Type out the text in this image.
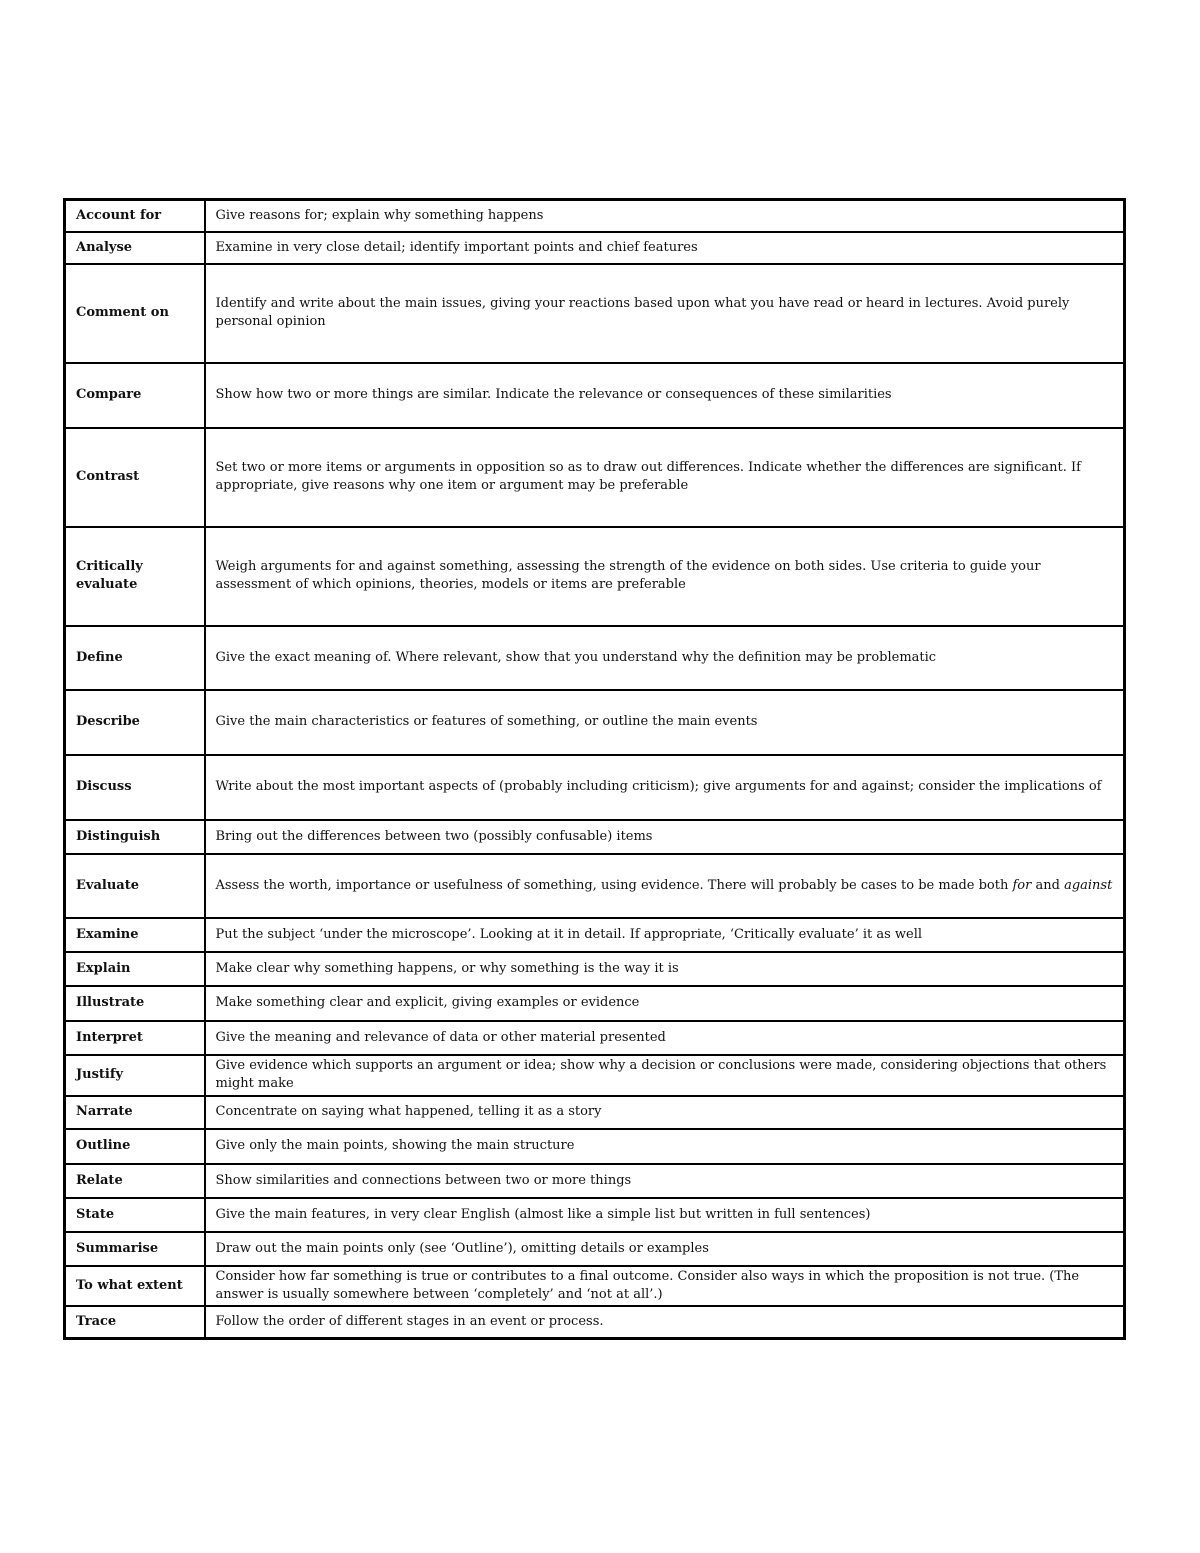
Account for	Give reasons for; explain why something happens
Analyse	Examine in very close detail; identify important points and chief features
Comment on	Identify and write about the main issues, giving your reactions based upon what you have read or heard in lectures. Avoid purely personal opinion
Compare	Show how two or more things are similar. Indicate the relevance or consequences of these similarities
Contrast	Set two or more items or arguments in opposition so as to draw out differences. Indicate whether the differences are significant. If appropriate, give reasons why one item or argument may be preferable
Critically evaluate	Weigh arguments for and against something, assessing the strength of the evidence on both sides. Use criteria to guide your assessment of which opinions, theories, models or items are preferable
Define	Give the exact meaning of. Where relevant, show that you understand why the definition may be problematic
Describe	Give the main characteristics or features of something, or outline the main events
Discuss	Write about the most important aspects of (probably including criticism); give arguments for and against; consider the implications of
Distinguish	Bring out the differences between two (possibly confusable) items
Evaluate	Assess the worth, importance or usefulness of something, using evidence. There will probably be cases to be made both for and against
Examine	Put the subject ‘under the microscope’. Looking at it in detail. If appropriate, ‘Critically evaluate’ it as well
Explain	Make clear why something happens, or why something is the way it is
Illustrate	Make something clear and explicit, giving examples or evidence
Interpret	Give the meaning and relevance of data or other material presented
Justify	Give evidence which supports an argument or idea; show why a decision or conclusions were made, considering objections that others might make
Narrate	Concentrate on saying what happened, telling it as a story
Outline	Give only the main points, showing the main structure
Relate	Show similarities and connections between two or more things
State	Give the main features, in very clear English (almost like a simple list but written in full sentences)
Summarise	Draw out the main points only (see ‘Outline’), omitting details or examples
To what extent	Consider how far something is true or contributes to a final outcome. Consider also ways in which the proposition is not true. (The answer is usually somewhere between ‘completely’ and ‘not at all’.)
Trace	Follow the order of different stages in an event or process.
